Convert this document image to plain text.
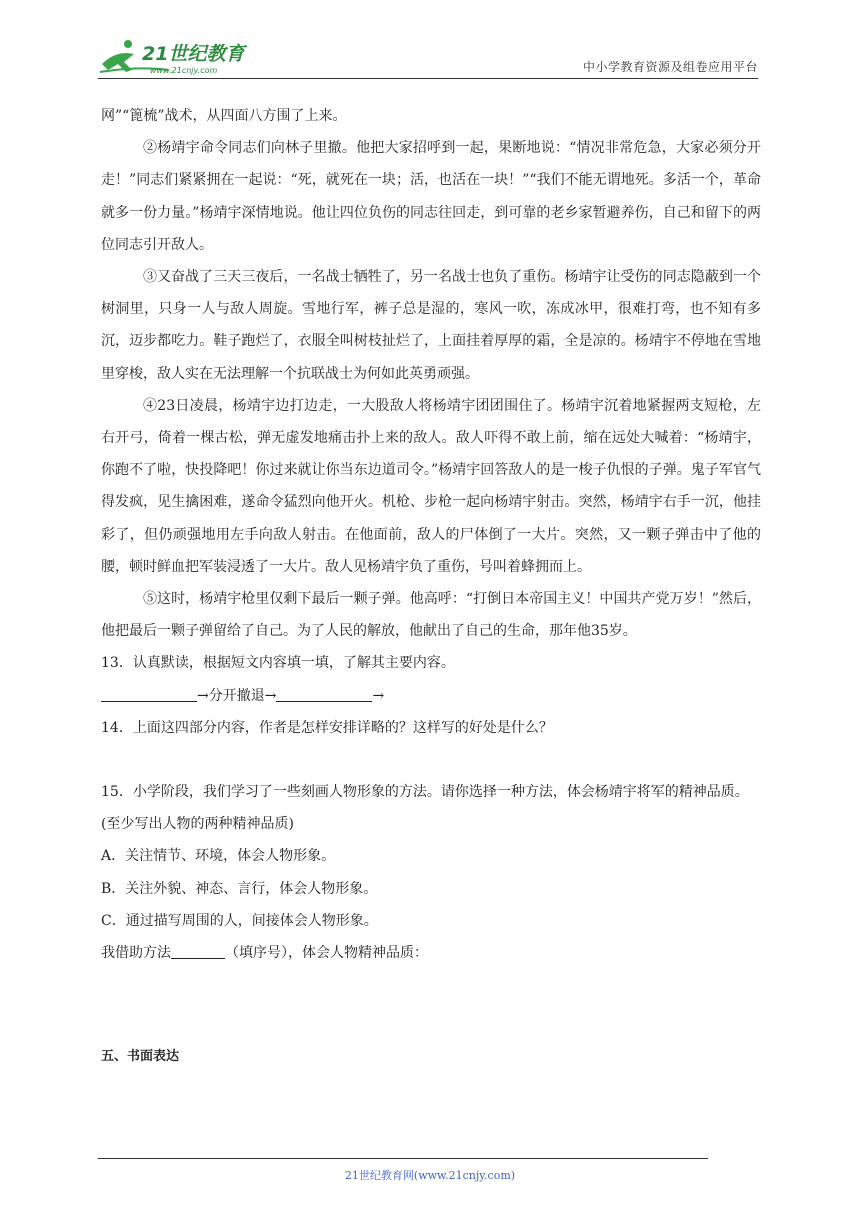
21世纪教育
www.21cnjy.com	中小学教育资源及组卷应用平台

网”“篦梳”战术，从四面八方围了上来。

②杨靖宇命令同志们向林子里撤。他把大家招呼到一起，果断地说：“情况非常危急，大家必须分开走！”同志们紧紧拥在一起说：“死，就死在一块；活，也活在一块！”“我们不能无谓地死。多活一个，革命就多一份力量。”杨靖宇深情地说。他让四位负伤的同志往回走，到可靠的老乡家暂避养伤，自己和留下的两位同志引开敌人。

③又奋战了三天三夜后，一名战士牺牲了，另一名战士也负了重伤。杨靖宇让受伤的同志隐蔽到一个树洞里，只身一人与敌人周旋。雪地行军，裤子总是湿的，寒风一吹，冻成冰甲，很难打弯，也不知有多沉，迈步都吃力。鞋子跑烂了，衣服全叫树枝扯烂了，上面挂着厚厚的霜，全是凉的。杨靖宇不停地在雪地里穿梭，敌人实在无法理解一个抗联战士为何如此英勇顽强。

④23日凌晨，杨靖宇边打边走，一大股敌人将杨靖宇团团围住了。杨靖宇沉着地紧握两支短枪，左右开弓，倚着一棵古松，弹无虚发地痛击扑上来的敌人。敌人吓得不敢上前，缩在远处大喊着：“杨靖宇，你跑不了啦，快投降吧！你过来就让你当东边道司令。”杨靖宇回答敌人的是一梭子仇恨的子弹。鬼子军官气得发疯，见生擒困难，遂命令猛烈向他开火。机枪、步枪一起向杨靖宇射击。突然，杨靖宇右手一沉，他挂彩了，但仍顽强地用左手向敌人射击。在他面前，敌人的尸体倒了一大片。突然，又一颗子弹击中了他的腰，顿时鲜血把军装浸透了一大片。敌人见杨靖宇负了重伤，号叫着蜂拥而上。

⑤这时，杨靖宇枪里仅剩下最后一颗子弹。他高呼：“打倒日本帝国主义！中国共产党万岁！”然后，他把最后一颗子弹留给了自己。为了人民的解放，他献出了自己的生命，那年他35岁。

13．认真默读，根据短文内容填一填，了解其主要内容。

→分开撤退→	→

14．上面这四部分内容，作者是怎样安排详略的？这样写的好处是什么？

15．小学阶段，我们学习了一些刻画人物形象的方法。请你选择一种方法，体会杨靖宇将军的精神品质。(至少写出人物的两种精神品质)

A．关注情节、环境，体会人物形象。

B．关注外貌、神态、言行，体会人物形象。

C．通过描写周围的人，间接体会人物形象。

我借助方法	（填序号），体会人物精神品质：

五、书面表达

21世纪教育网(www.21cnjy.com)
